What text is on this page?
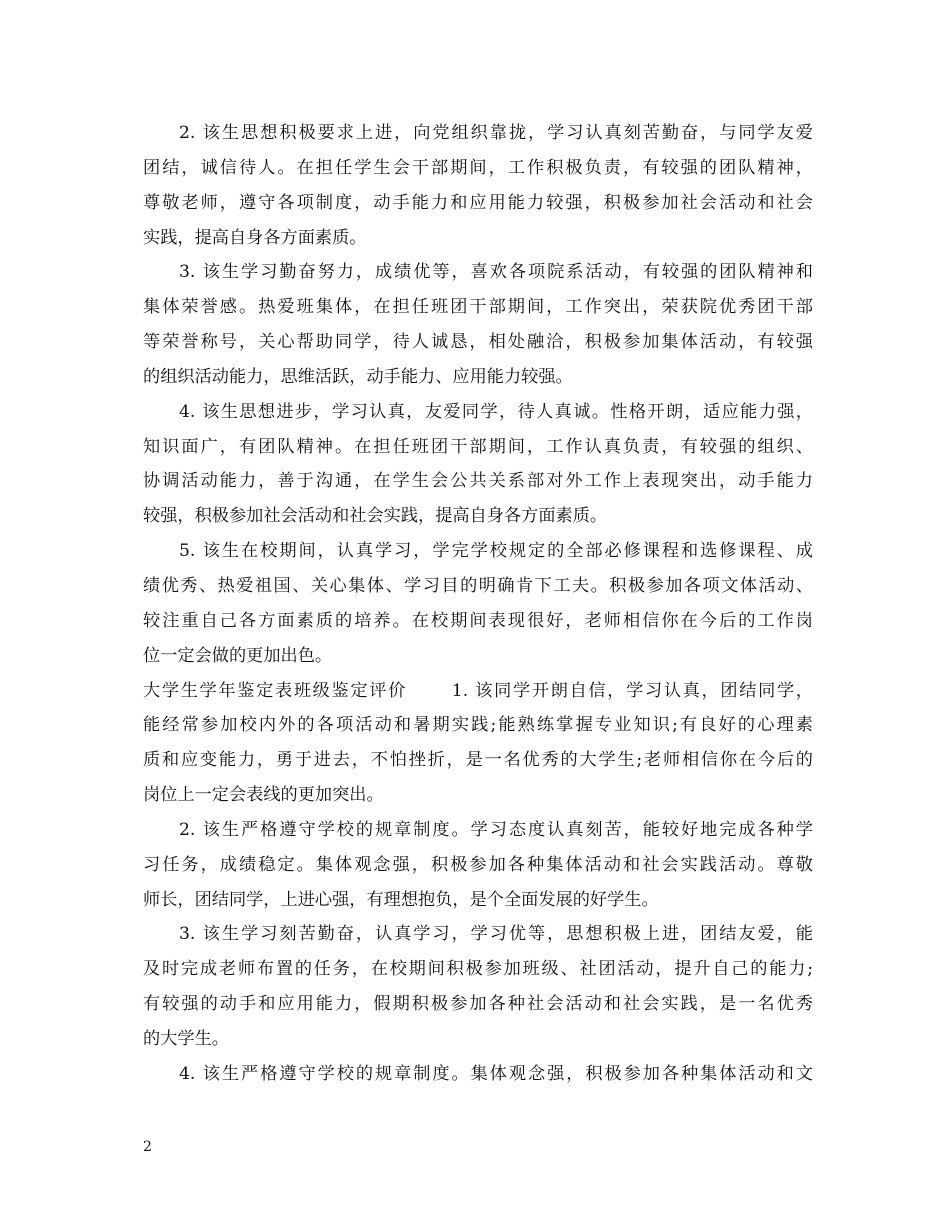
2. 该生思想积极要求上进，向党组织靠拢，学习认真刻苦勤奋，与同学友爱
团结，诚信待人。在担任学生会干部期间，工作积极负责，有较强的团队精神，
尊敬老师，遵守各项制度，动手能力和应用能力较强，积极参加社会活动和社会
实践，提高自身各方面素质。
3. 该生学习勤奋努力，成绩优等，喜欢各项院系活动，有较强的团队精神和
集体荣誉感。热爱班集体，在担任班团干部期间，工作突出，荣获院优秀团干部
等荣誉称号，关心帮助同学，待人诚恳，相处融洽，积极参加集体活动，有较强
的组织活动能力，思维活跃，动手能力、应用能力较强。
4. 该生思想进步，学习认真，友爱同学，待人真诚。性格开朗，适应能力强，
知识面广，有团队精神。在担任班团干部期间，工作认真负责，有较强的组织、
协调活动能力，善于沟通，在学生会公共关系部对外工作上表现突出，动手能力
较强，积极参加社会活动和社会实践，提高自身各方面素质。
5. 该生在校期间，认真学习，学完学校规定的全部必修课程和选修课程、成
绩优秀、热爱祖国、关心集体、学习目的明确肯下工夫。积极参加各项文体活动、
较注重自己各方面素质的培养。在校期间表现很好，老师相信你在今后的工作岗
位一定会做的更加出色。
大学生学年鉴定表班级鉴定评价　　 1. 该同学开朗自信，学习认真，团结同学，
能经常参加校内外的各项活动和暑期实践;能熟练掌握专业知识;有良好的心理素
质和应变能力，勇于进去，不怕挫折，是一名优秀的大学生;老师相信你在今后的
岗位上一定会表线的更加突出。
2. 该生严格遵守学校的规章制度。学习态度认真刻苦，能较好地完成各种学
习任务，成绩稳定。集体观念强，积极参加各种集体活动和社会实践活动。尊敬
师长，团结同学，上进心强，有理想抱负，是个全面发展的好学生。
3. 该生学习刻苦勤奋，认真学习，学习优等，思想积极上进，团结友爱，能
及时完成老师布置的任务，在校期间积极参加班级、社团活动，提升自己的能力;
有较强的动手和应用能力，假期积极参加各种社会活动和社会实践，是一名优秀
的大学生。
4. 该生严格遵守学校的规章制度。集体观念强，积极参加各种集体活动和文
2
